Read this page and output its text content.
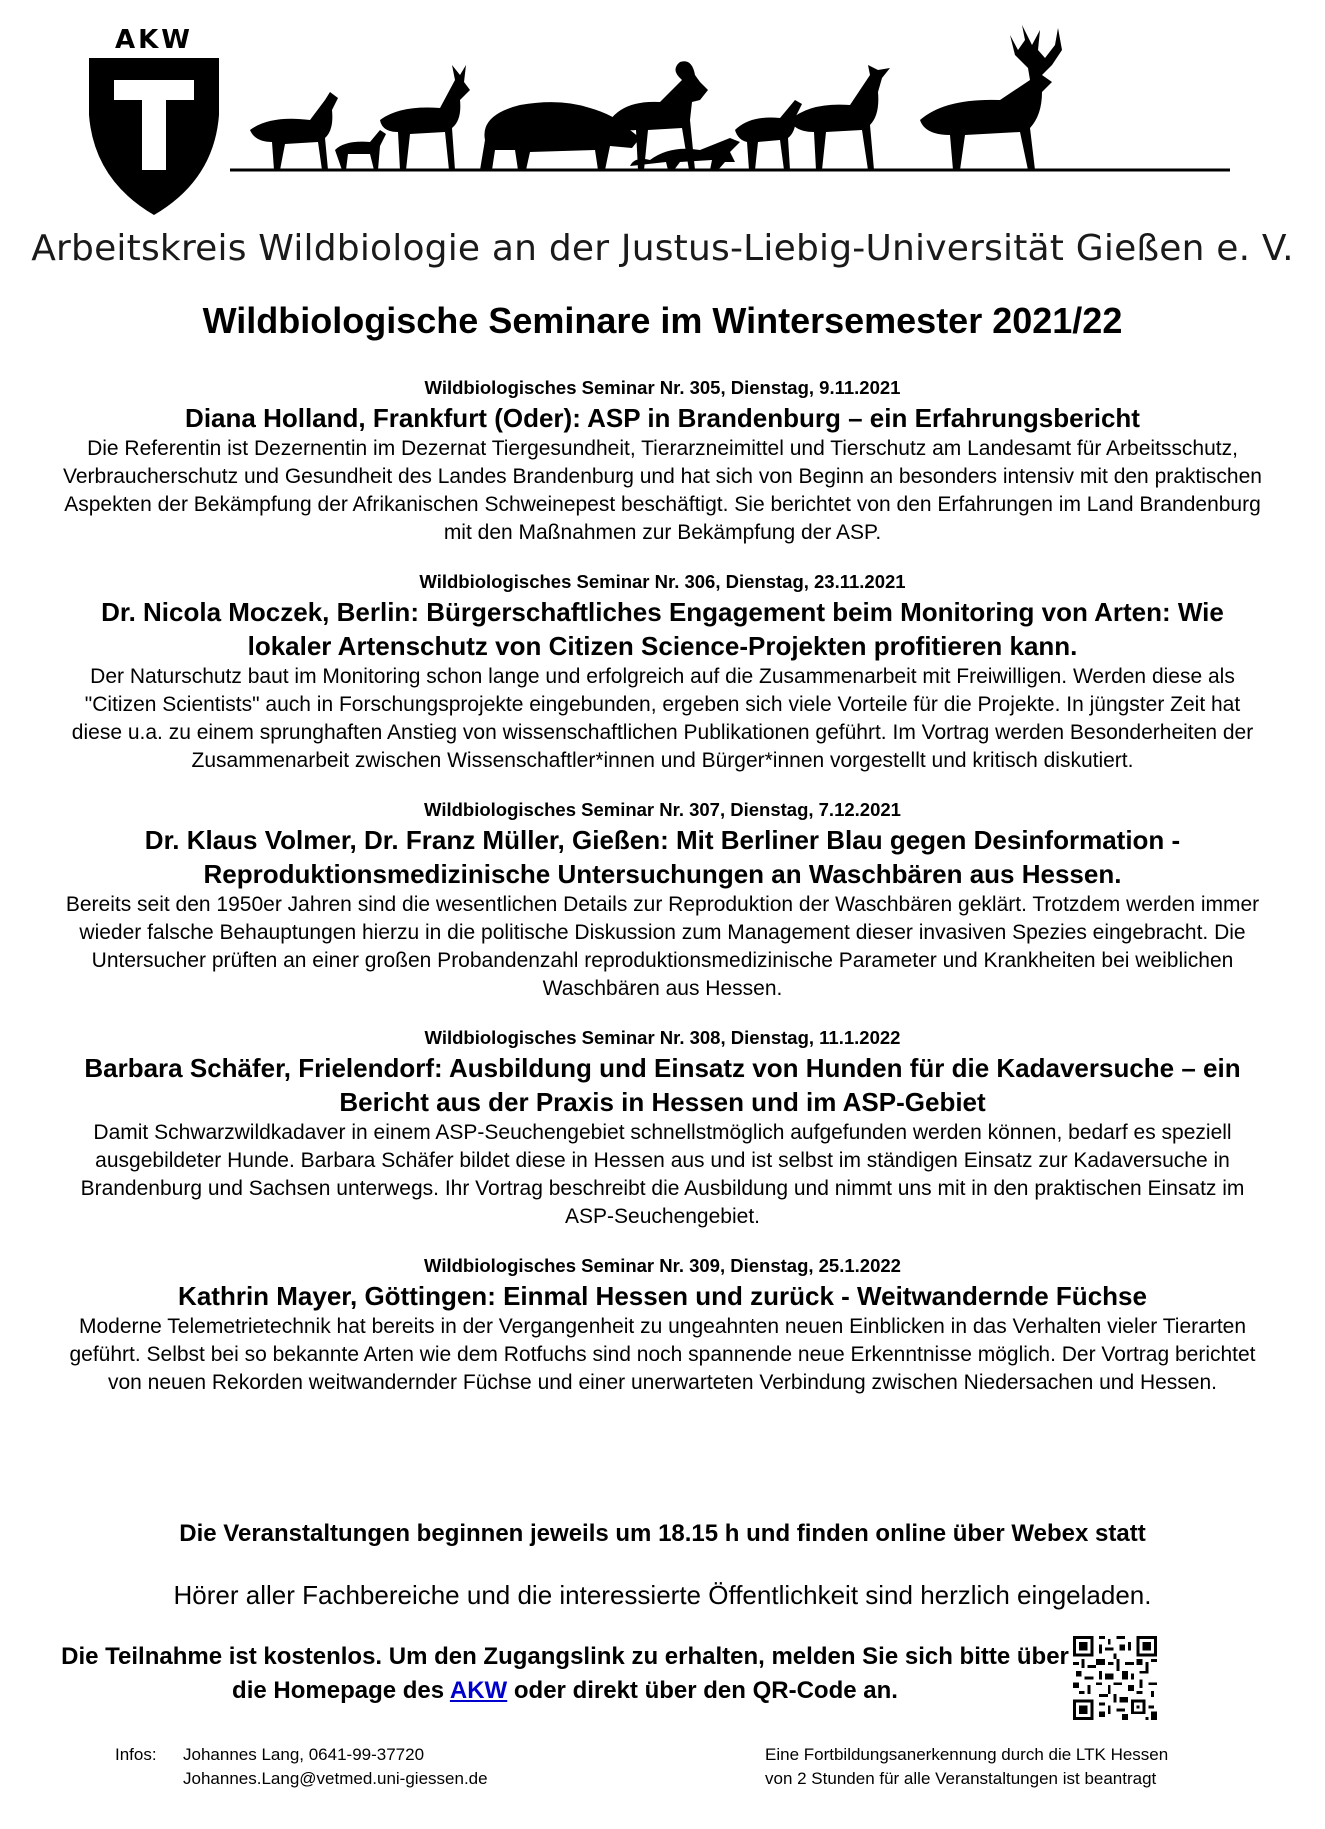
AKW
Arbeitskreis Wildbiologie an der Justus-Liebig-Universität Gießen e. V.
Wildbiologische Seminare im Wintersemester 2021/22
Wildbiologisches Seminar Nr. 305, Dienstag, 9.11.2021
Diana Holland, Frankfurt (Oder): ASP in Brandenburg – ein Erfahrungsbericht
Die Referentin ist Dezernentin im Dezernat Tiergesundheit, Tierarzneimittel und Tierschutz am Landesamt für Arbeitsschutz, Verbraucherschutz und Gesundheit des Landes Brandenburg und hat sich von Beginn an besonders intensiv mit den praktischen Aspekten der Bekämpfung der Afrikanischen Schweinepest beschäftigt. Sie berichtet von den Erfahrungen im Land Brandenburg mit den Maßnahmen zur Bekämpfung der ASP.
Wildbiologisches Seminar Nr. 306, Dienstag, 23.11.2021
Dr. Nicola Moczek, Berlin: Bürgerschaftliches Engagement beim Monitoring von Arten: Wie lokaler Artenschutz von Citizen Science-Projekten profitieren kann.
Der Naturschutz baut im Monitoring schon lange und erfolgreich auf die Zusammenarbeit mit Freiwilligen. Werden diese als "Citizen Scientists" auch in Forschungsprojekte eingebunden, ergeben sich viele Vorteile für die Projekte. In jüngster Zeit hat diese u.a. zu einem sprunghaften Anstieg von wissenschaftlichen Publikationen geführt. Im Vortrag werden Besonderheiten der Zusammenarbeit zwischen Wissenschaftler*innen und Bürger*innen vorgestellt und kritisch diskutiert.
Wildbiologisches Seminar Nr. 307, Dienstag, 7.12.2021
Dr. Klaus Volmer, Dr. Franz Müller, Gießen: Mit Berliner Blau gegen Desinformation - Reproduktionsmedizinische Untersuchungen an Waschbären aus Hessen.
Bereits seit den 1950er Jahren sind die wesentlichen Details zur Reproduktion der Waschbären geklärt. Trotzdem werden immer wieder falsche Behauptungen hierzu in die politische Diskussion zum Management dieser invasiven Spezies eingebracht. Die Untersucher prüften an einer großen Probandenzahl reproduktionsmedizinische Parameter und Krankheiten bei weiblichen Waschbären aus Hessen.
Wildbiologisches Seminar Nr. 308, Dienstag, 11.1.2022
Barbara Schäfer, Frielendorf: Ausbildung und Einsatz von Hunden für die Kadaversuche – ein Bericht aus der Praxis in Hessen und im ASP-Gebiet
Damit Schwarzwildkadaver in einem ASP-Seuchengebiet schnellstmöglich aufgefunden werden können, bedarf es speziell ausgebildeter Hunde. Barbara Schäfer bildet diese in Hessen aus und ist selbst im ständigen Einsatz zur Kadaversuche in Brandenburg und Sachsen unterwegs. Ihr Vortrag beschreibt die Ausbildung und nimmt uns mit in den praktischen Einsatz im ASP-Seuchengebiet.
Wildbiologisches Seminar Nr. 309, Dienstag, 25.1.2022
Kathrin Mayer, Göttingen: Einmal Hessen und zurück - Weitwandernde Füchse
Moderne Telemetrietechnik hat bereits in der Vergangenheit zu ungeahnten neuen Einblicken in das Verhalten vieler Tierarten geführt. Selbst bei so bekannte Arten wie dem Rotfuchs sind noch spannende neue Erkenntnisse möglich. Der Vortrag berichtet von neuen Rekorden weitwandernder Füchse und einer unerwarteten Verbindung zwischen Niedersachen und Hessen.
Die Veranstaltungen beginnen jeweils um 18.15 h und finden online über Webex statt
Hörer aller Fachbereiche und die interessierte Öffentlichkeit sind herzlich eingeladen.
Die Teilnahme ist kostenlos. Um den Zugangslink zu erhalten, melden Sie sich bitte über die Homepage des AKW oder direkt über den QR-Code an.
Infos: Johannes Lang, 0641-99-37720
Johannes.Lang@vetmed.uni-giessen.de
Eine Fortbildungsanerkennung durch die LTK Hessen
von 2 Stunden für alle Veranstaltungen ist beantragt
